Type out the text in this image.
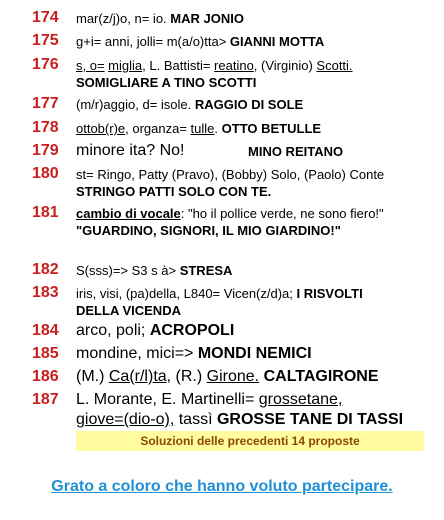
174	mar(z/j)o, n= io. MAR JONIO
175	g+i= anni, jolli= m(a/o)tta> GIANNI MOTTA
176	s, o= miglia, L. Battisti= reatino, (Virginio) Scotti.
SOMIGLIARE A TINO SCOTTI
177	(m/r)aggio, d= isole. RAGGIO DI SOLE
178	ottob(r)e, organza= tulle. OTTO BETULLE
179	minore ita? No!	MINO REITANO
180	st= Ringo, Patty (Pravo), (Bobby) Solo, (Paolo) Conte
STRINGO PATTI SOLO CON TE.
181	cambio di vocale: "ho il pollice verde, ne sono fiero!"
"GUARDINO, SIGNORI, IL MIO GIARDINO!"
182	S(sss)=> S3 s à> STRESA
183	iris, visi, (pa)della, L840= Vicen(z/d)a; I RISVOLTI
DELLA VICENDA
184	arco, poli; ACROPOLI
185	mondine, mici=> MONDI NEMICI
186	(M.) Ca(r/l)ta, (R.) Girone. CALTAGIRONE
187	L. Morante, E. Martinelli= grossetane,
giove=(dio-o), tassì GROSSE TANE DI TASSI
Soluzioni delle precedenti 14 proposte
Grato a coloro che hanno voluto partecipare.
